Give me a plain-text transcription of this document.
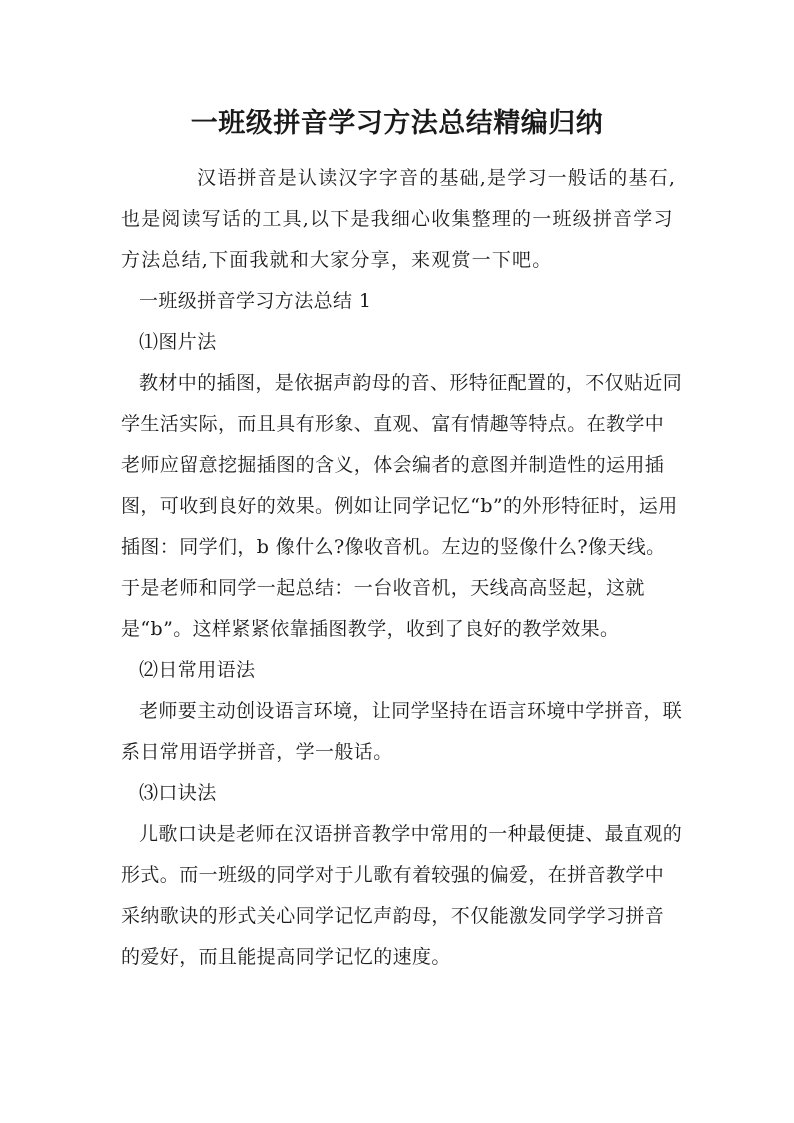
一班级拼音学习方法总结精编归纳

汉语拼音是认读汉字字音的基础,是学习一般话的基石,也是阅读写话的工具,以下是我细心收集整理的一班级拼音学习方法总结,下面我就和大家分享，来观赏一下吧。

一班级拼音学习方法总结 1

⑴图片法

教材中的插图，是依据声韵母的音、形特征配置的，不仅贴近同学生活实际，而且具有形象、直观、富有情趣等特点。在教学中老师应留意挖掘插图的含义，体会编者的意图并制造性的运用插图，可收到良好的效果。例如让同学记忆“b”的外形特征时，运用插图：同学们，b 像什么?像收音机。左边的竖像什么?像天线。于是老师和同学一起总结：一台收音机，天线高高竖起，这就是“b”。这样紧紧依靠插图教学，收到了良好的教学效果。

⑵日常用语法

老师要主动创设语言环境，让同学坚持在语言环境中学拼音，联系日常用语学拼音，学一般话。

⑶口诀法

儿歌口诀是老师在汉语拼音教学中常用的一种最便捷、最直观的形式。而一班级的同学对于儿歌有着较强的偏爱，在拼音教学中采纳歌诀的形式关心同学记忆声韵母，不仅能激发同学学习拼音的爱好，而且能提高同学记忆的速度。
